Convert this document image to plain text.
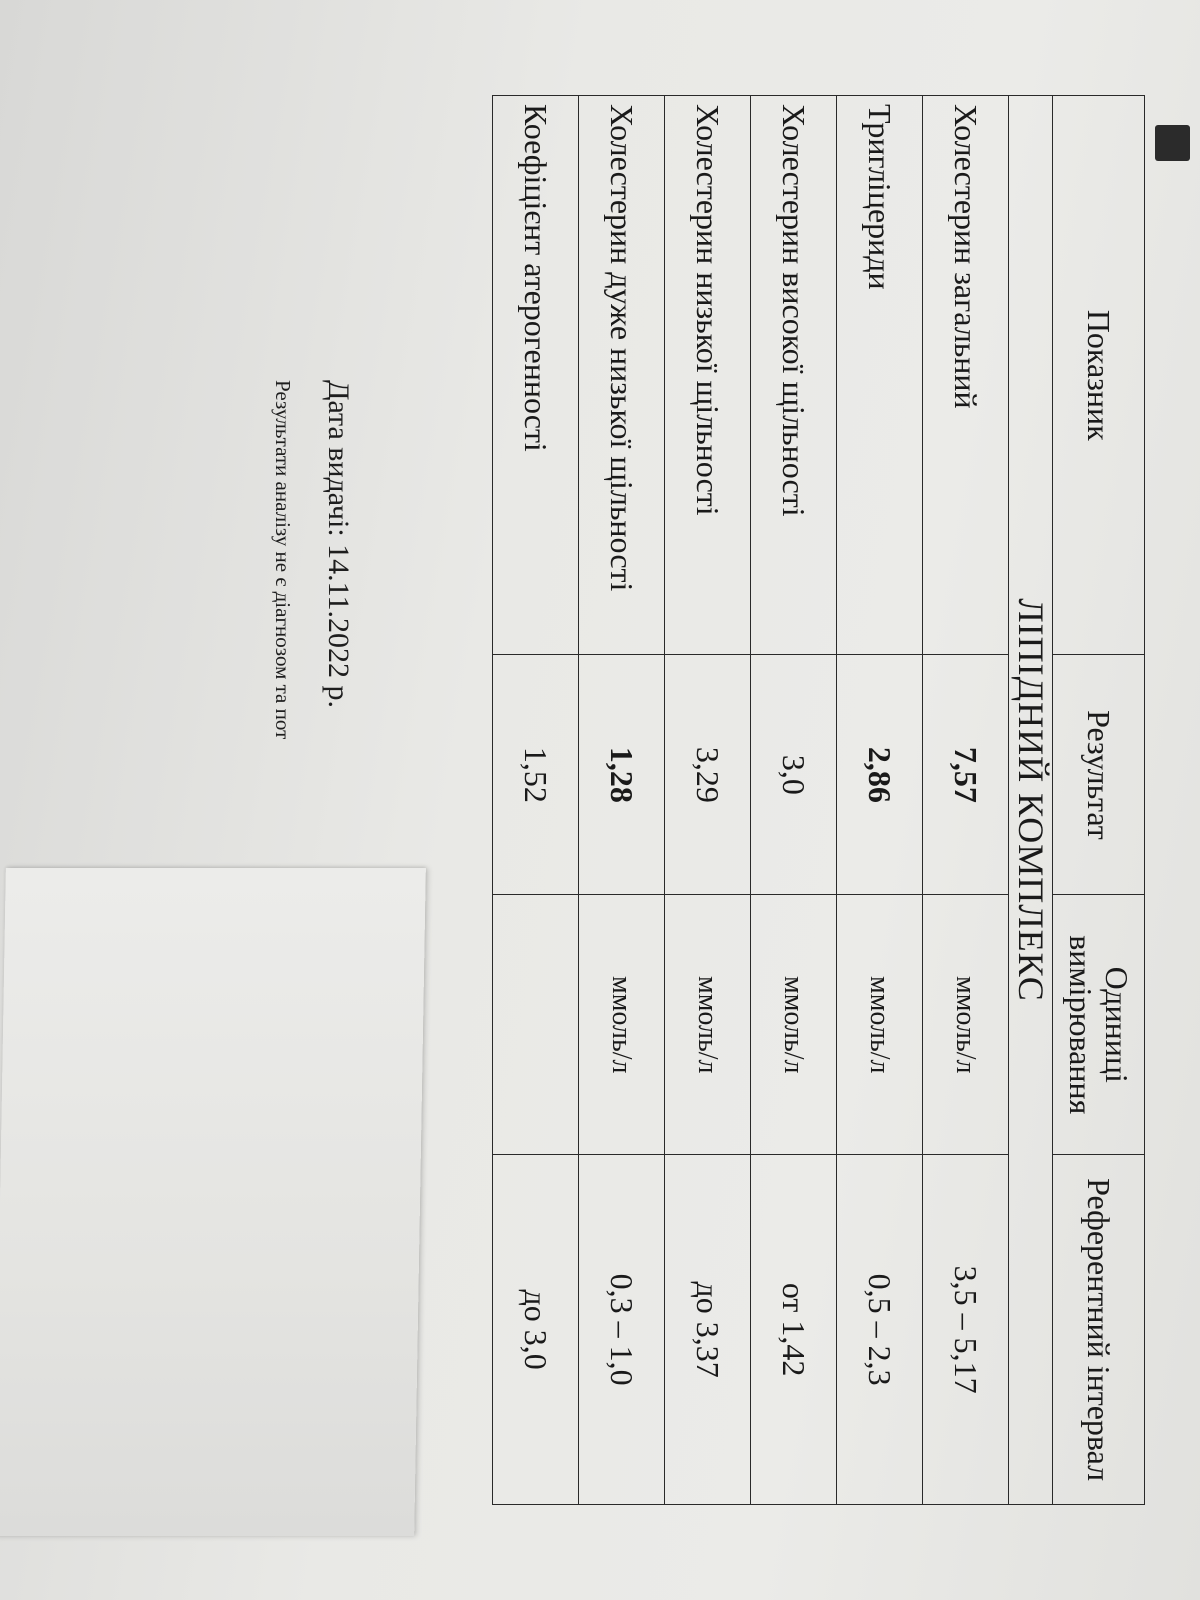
Показник	Результат	Одиниці вимірювання	Референтний інтервал
ЛІПІДНИЙ КОМПЛЕКС			
Холестерин загальний	7,57	ммоль/л	3,5 – 5,17
Тригліцериди	2,86	ммоль/л	0,5 – 2,3
Холестерин високої щільності	3,0	ммоль/л	от 1,42
Холестерин низької щільності	3,29	ммоль/л	до 3,37
Холестерин дуже низької щільності	1,28	ммоль/л	0,3 – 1,0
Коефіцієнт атерогенності	1,52		до 3,0
Дата видачі: 14.11.2022 р.
Результати аналізу не є діагнозом та пот
